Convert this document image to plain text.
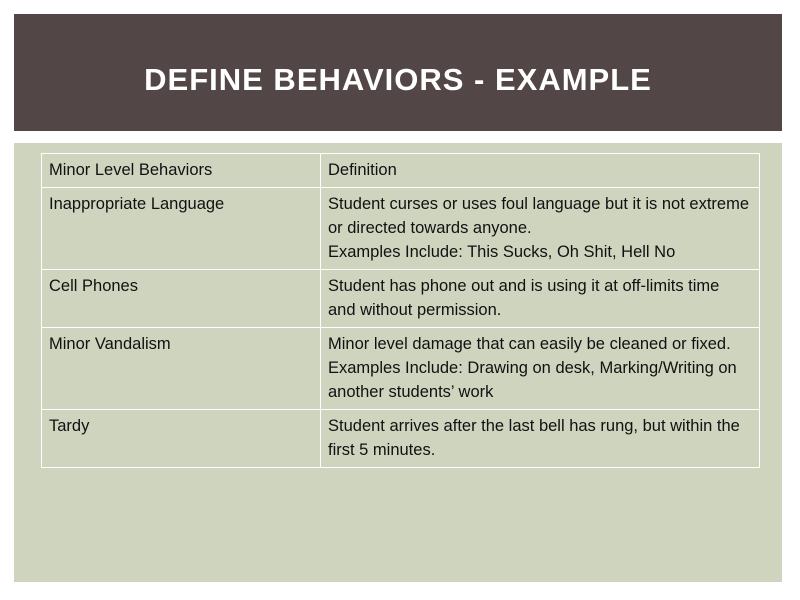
DEFINE BEHAVIORS - EXAMPLE
Minor Level Behaviors	Definition
Inappropriate Language	Student curses or uses foul language but it is not extreme or directed towards anyone.
Examples Include: This Sucks, Oh Shit, Hell No

Cell Phones	Student has phone out and is using it at off-limits time and without permission.

Minor Vandalism	Minor level damage that can easily be cleaned or fixed.
Examples Include: Drawing on desk, Marking/Writing on another students’ work

Tardy	Student arrives after the last bell has rung, but within the first 5 minutes.
